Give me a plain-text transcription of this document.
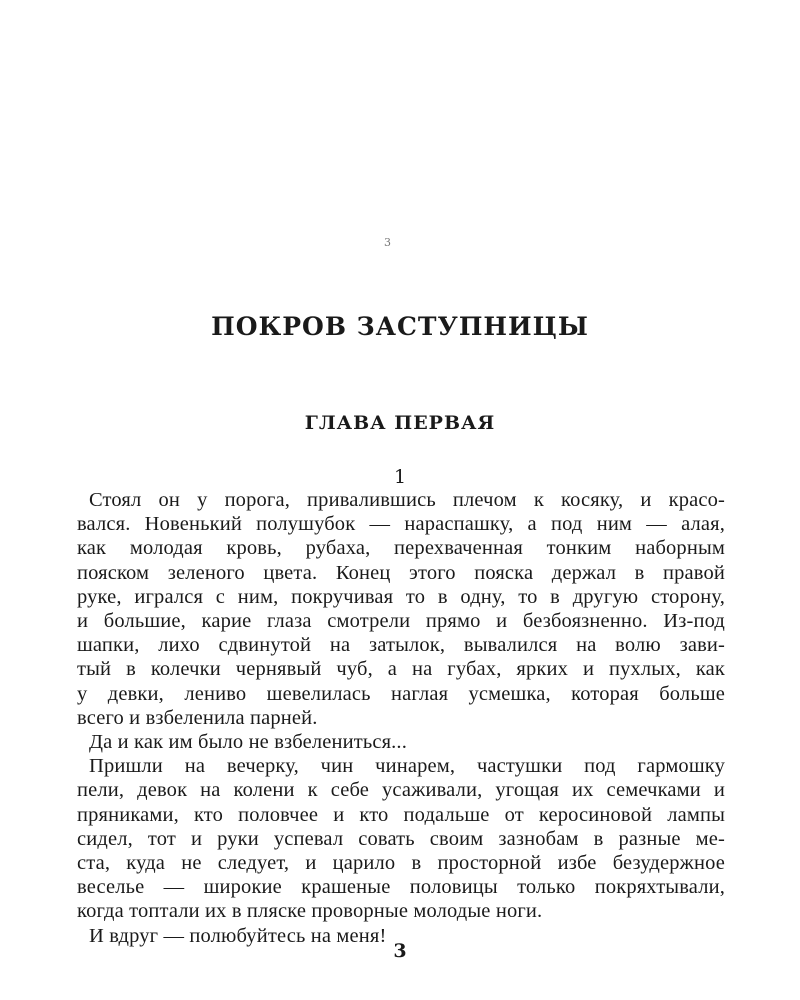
3
ПОКРОВ ЗАСТУПНИЦЫ
ГЛАВА ПЕРВАЯ
1
Стоял он у порога, привалившись плечом к косяку, и красо-
вался. Новенький полушубок — нараспашку, а под ним — алая,
как молодая кровь, рубаха, перехваченная тонким наборным
пояском зеленого цвета. Конец этого пояска держал в правой
руке, игрался с ним, покручивая то в одну, то в другую сторону,
и большие, карие глаза смотрели прямо и безбоязненно. Из-под
шапки, лихо сдвинутой на затылок, вывалился на волю зави-
тый в колечки чернявый чуб, а на губах, ярких и пухлых, как
у девки, лениво шевелилась наглая усмешка, которая больше
всего и взбеленила парней.
Да и как им было не взбелениться...
Пришли на вечерку, чин чинарем, частушки под гармошку
пели, девок на колени к себе усаживали, угощая их семечками и
пряниками, кто половчее и кто подальше от керосиновой лампы
сидел, тот и руки успевал совать своим зазнобам в разные ме-
ста, куда не следует, и царило в просторной избе безудержное
веселье — широкие крашеные половицы только покряхтывали,
когда топтали их в пляске проворные молодые ноги.
И вдруг — полюбуйтесь на меня!
3
